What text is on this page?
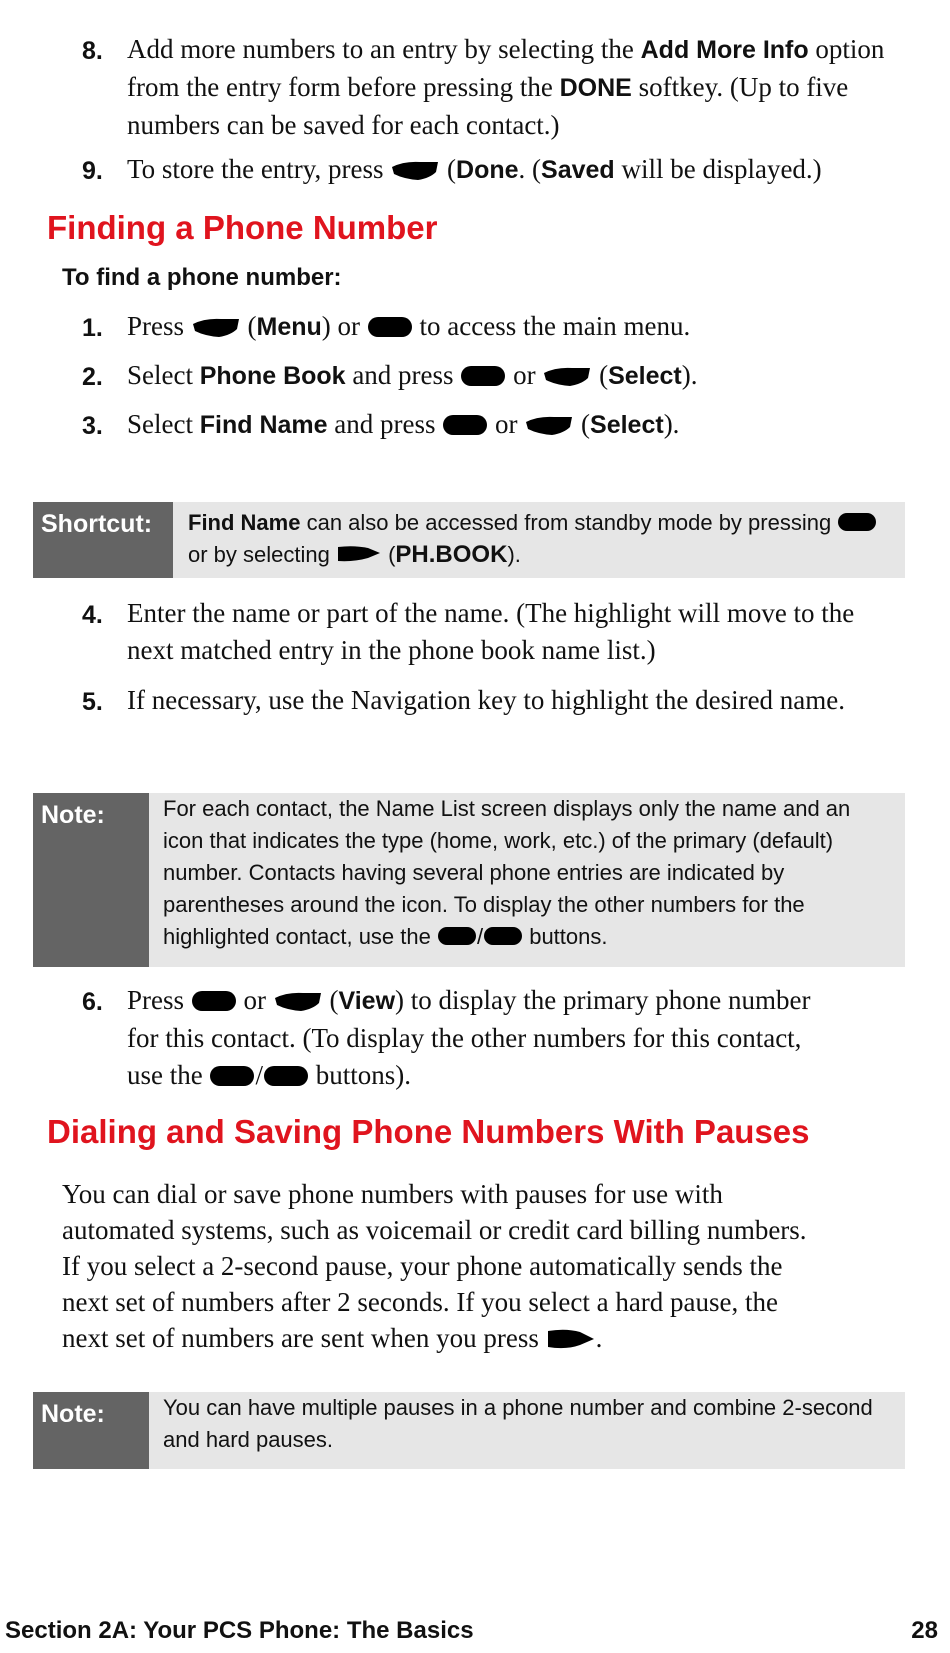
8. Add more numbers to an entry by selecting the Add More Info option from the entry form before pressing the DONE softkey. (Up to five numbers can be saved for each contact.)
9. To store the entry, press
(Done. (Saved will be displayed.)
Finding a Phone Number
To find a phone number:
1. Press
(Menu) or
to access the main menu.
2. Select Phone Book and press
or
(Select).
3. Select Find Name and press
or
(Select).
Shortcut:	Find Name can also be accessed from standby mode by pressing
or by selecting
(PH.BOOK).
4. Enter the name or part of the name. (The highlight will move to the next matched entry in the phone book name list.)
5. If necessary, use the Navigation key to highlight the desired name.
Note:	For each contact, the Name List screen displays only the name and an
icon that indicates the type (home, work, etc.) of the primary (default)
number. Contacts having several phone entries are indicated by
parentheses around the icon. To display the other numbers for the
highlighted contact, use the
/
buttons.
6. Press
or
(View) to display the primary phone number
for this contact. (To display the other numbers for this contact,
use the
/
buttons).
Dialing and Saving Phone Numbers With Pauses
You can dial or save phone numbers with pauses for use with
automated systems, such as voicemail or credit card billing numbers.
If you select a 2-second pause, your phone automatically sends the
next set of numbers after 2 seconds. If you select a hard pause, the
next set of numbers are sent when you press
.
Note:	You can have multiple pauses in a phone number and combine 2-second
and hard pauses.
Section 2A: Your PCS Phone: The Basics	28
